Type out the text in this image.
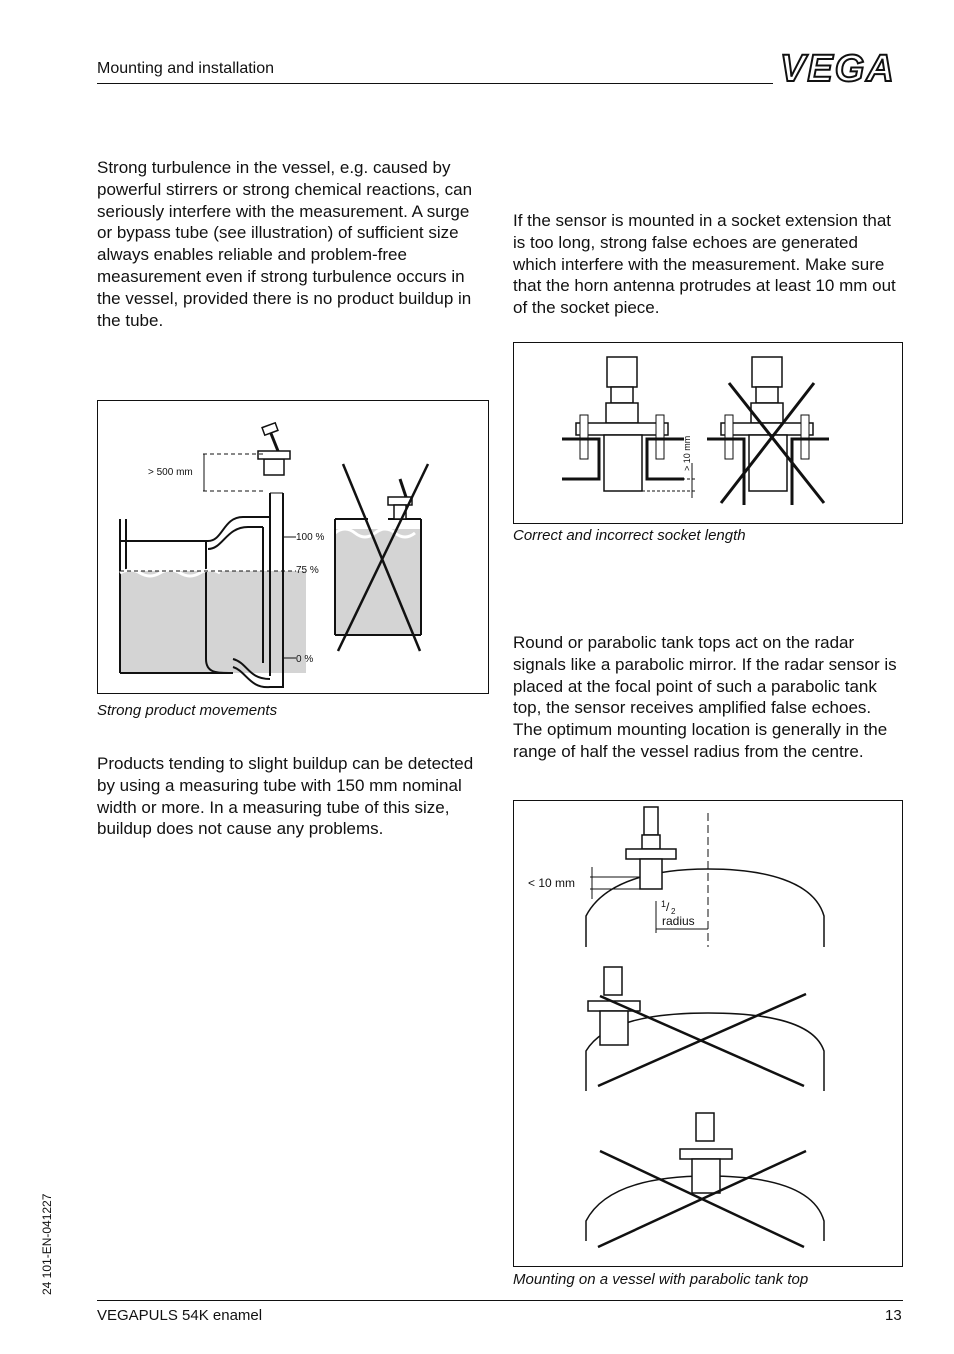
Mounting and installation	VEGA
Strong turbulence in the vessel, e.g. caused by powerful stirrers or strong chemical reactions, can seriously interfere with the measurement. A surge or bypass tube (see illustration) of sufficient size always enables reliable and problem-free measurement even if strong turbulence occurs in the vessel, provided there is no product buildup in the tube.
> 500 mm
100 %
75 %
0 %
Strong product movements
Products tending to slight buildup can be detected by using a measuring tube with 150 mm nominal width or more. In a measuring tube of this size, buildup does not cause any problems.
If the sensor is mounted in a socket extension that is too long, strong false echoes are generated which interfere with the measurement. Make sure that the horn antenna protrudes at least 10 mm out of the socket piece.
> 10 mm
Correct and incorrect socket length
Round or parabolic tank tops act on the radar signals like a parabolic mirror. If the radar sensor is placed at the focal point of such a parabolic tank top, the sensor receives amplified false echoes. The optimum mounting location is generally in the range of half the vessel radius from the centre.
< 10 mm
1 / 2
radius
Mounting on a vessel with parabolic tank top
24 101-EN-041227
VEGAPULS 54K enamel	13
